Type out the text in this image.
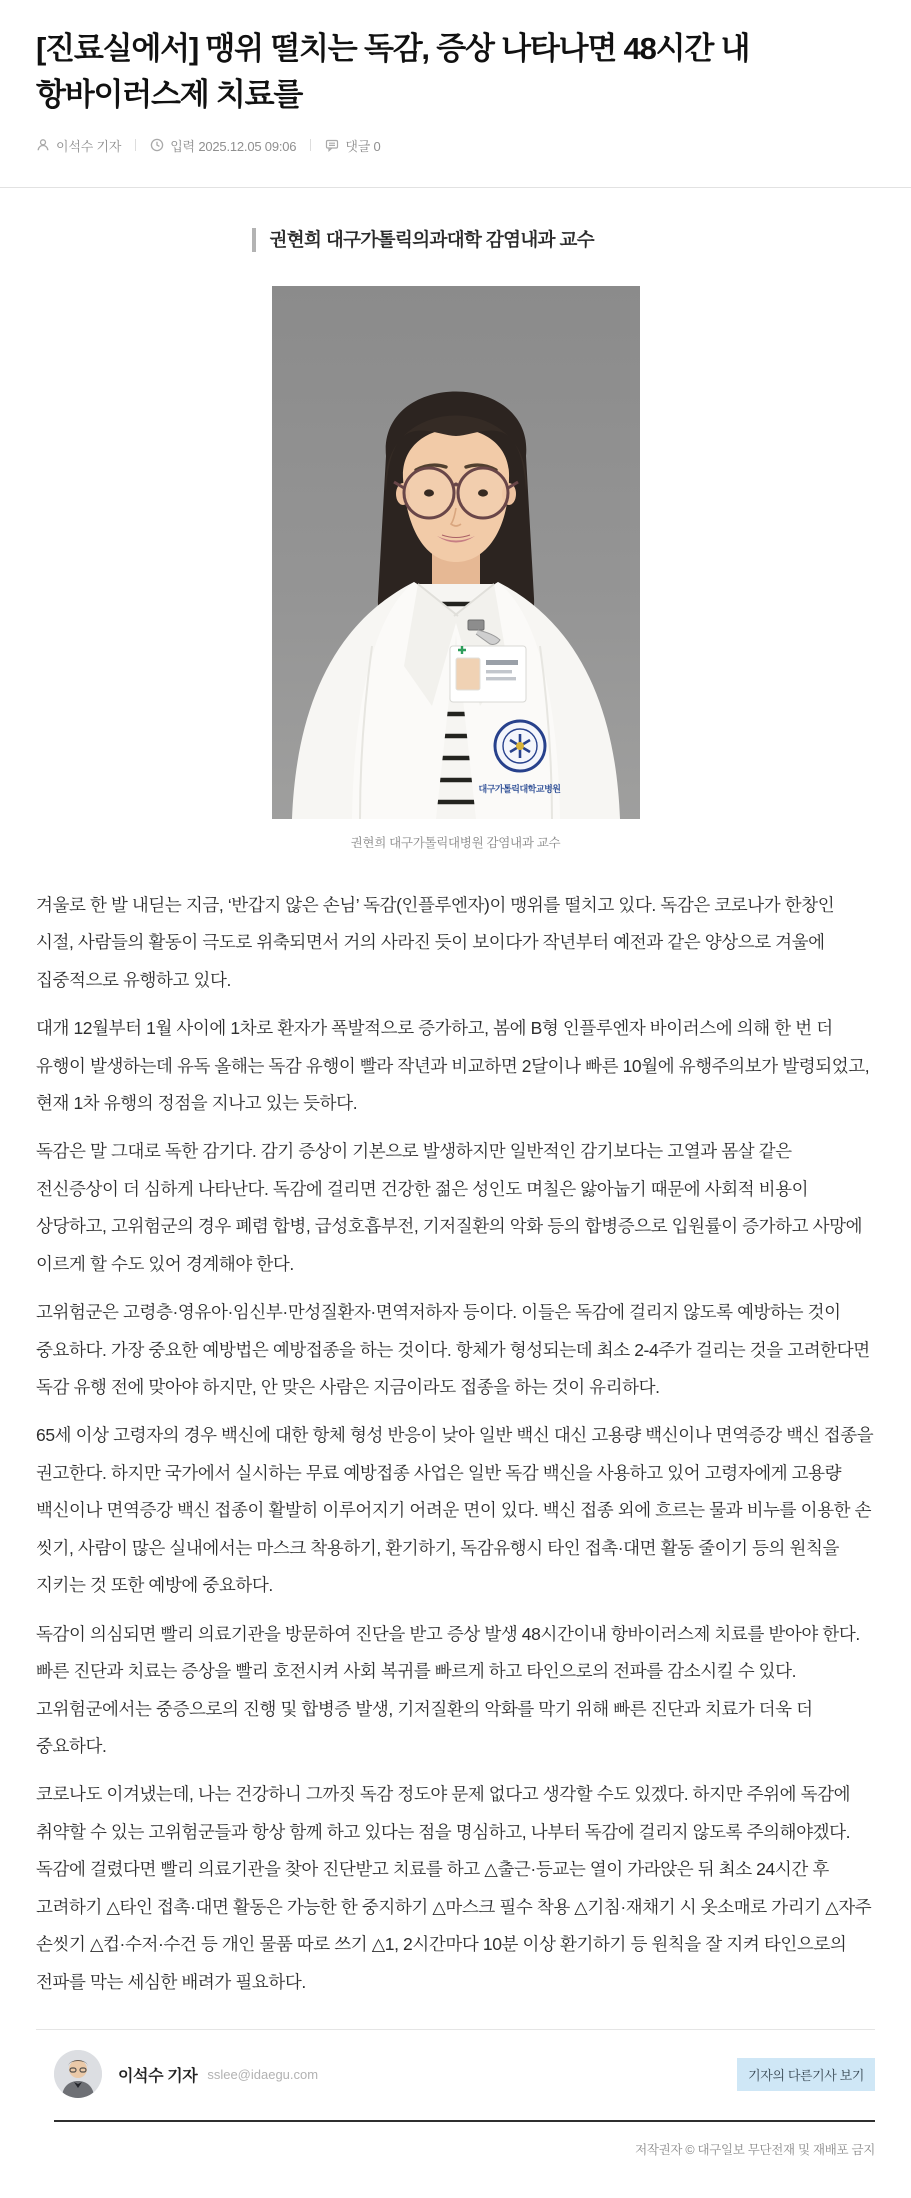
[진료실에서] 맹위 떨치는 독감, 증상 나타나면 48시간 내 항바이러스제 치료를
이석수 기자	입력 2025.12.05 09:06	댓글 0
권현희 대구가톨릭의과대학 감염내과 교수
대구가톨릭대학교병원
권현희 대구가톨릭대병원 감염내과 교수

겨울로 한 발 내딛는 지금, ‘반갑지 않은 손님’ 독감(인플루엔자)이 맹위를 떨치고 있다. 독감은 코로나가 한창인 시절, 사람들의 활동이 극도로 위축되면서 거의 사라진 듯이 보이다가 작년부터 예전과 같은 양상으로 겨울에 집중적으로 유행하고 있다.

대개 12월부터 1월 사이에 1차로 환자가 폭발적으로 증가하고, 봄에 B형 인플루엔자 바이러스에 의해 한 번 더 유행이 발생하는데 유독 올해는 독감 유행이 빨라 작년과 비교하면 2달이나 빠른 10월에 유행주의보가 발령되었고, 현재 1차 유행의 정점을 지나고 있는 듯하다.

독감은 말 그대로 독한 감기다. 감기 증상이 기본으로 발생하지만 일반적인 감기보다는 고열과 몸살 같은 전신증상이 더 심하게 나타난다. 독감에 걸리면 건강한 젊은 성인도 며칠은 앓아눕기 때문에 사회적 비용이 상당하고, 고위험군의 경우 폐렴 합병, 급성호흡부전, 기저질환의 악화 등의 합병증으로 입원률이 증가하고 사망에 이르게 할 수도 있어 경계해야 한다.

고위험군은 고령층·영유아·임신부·만성질환자·면역저하자 등이다. 이들은 독감에 걸리지 않도록 예방하는 것이 중요하다. 가장 중요한 예방법은 예방접종을 하는 것이다. 항체가 형성되는데 최소 2-4주가 걸리는 것을 고려한다면 독감 유행 전에 맞아야 하지만, 안 맞은 사람은 지금이라도 접종을 하는 것이 유리하다.

65세 이상 고령자의 경우 백신에 대한 항체 형성 반응이 낮아 일반 백신 대신 고용량 백신이나 면역증강 백신 접종을 권고한다. 하지만 국가에서 실시하는 무료 예방접종 사업은 일반 독감 백신을 사용하고 있어 고령자에게 고용량 백신이나 면역증강 백신 접종이 활발히 이루어지기 어려운 면이 있다. 백신 접종 외에 흐르는 물과 비누를 이용한 손 씻기, 사람이 많은 실내에서는 마스크 착용하기, 환기하기, 독감유행시 타인 접촉·대면 활동 줄이기 등의 원칙을 지키는 것 또한 예방에 중요하다.

독감이 의심되면 빨리 의료기관을 방문하여 진단을 받고 증상 발생 48시간이내 항바이러스제 치료를 받아야 한다. 빠른 진단과 치료는 증상을 빨리 호전시켜 사회 복귀를 빠르게 하고 타인으로의 전파를 감소시킬 수 있다. 고위험군에서는 중증으로의 진행 및 합병증 발생, 기저질환의 악화를 막기 위해 빠른 진단과 치료가 더욱 더 중요하다.

코로나도 이겨냈는데, 나는 건강하니 그까짓 독감 정도야 문제 없다고 생각할 수도 있겠다. 하지만 주위에 독감에 취약할 수 있는 고위험군들과 항상 함께 하고 있다는 점을 명심하고, 나부터 독감에 걸리지 않도록 주의해야겠다. 독감에 걸렸다면 빨리 의료기관을 찾아 진단받고 치료를 하고 △출근·등교는 열이 가라앉은 뒤 최소 24시간 후 고려하기 △타인 접촉·대면 활동은 가능한 한 중지하기 △마스크 필수 착용 △기침·재채기 시 옷소매로 가리기 △자주 손씻기 △컵·수저·수건 등 개인 물품 따로 쓰기 △1, 2시간마다 10분 이상 환기하기 등 원칙을 잘 지켜 타인으로의 전파를 막는 세심한 배려가 필요하다.

이석수 기자 sslee@idaegu.com	기자의 다른기사 보기
저작권자 © 대구일보 무단전재 및 재배포 금지
